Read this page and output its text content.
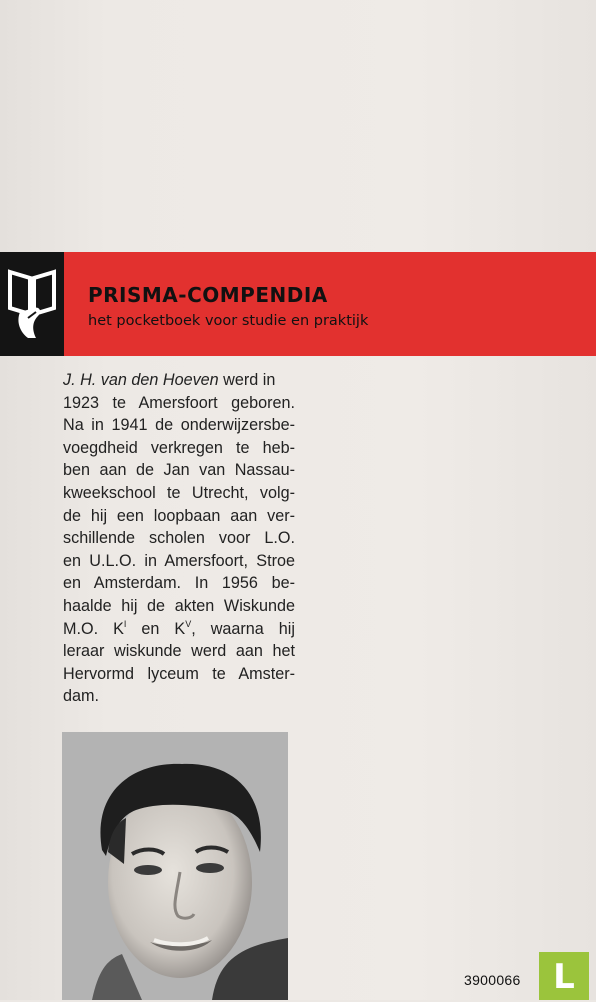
PRISMA-COMPENDIA
het pocketboek voor studie en praktijk
J. H. van den Hoeven werd in
1923 te Amersfoort geboren.
Na in 1941 de onderwijzersbe-
voegdheid verkregen te heb-
ben aan de Jan van Nassau-
kweekschool te Utrecht, volg-
de hij een loopbaan aan ver-
schillende scholen voor L.O.
en U.L.O. in Amersfoort, Stroe
en Amsterdam. In 1956 be-
haalde hij de akten Wiskunde
M.O. $K^I$ en $K^V$, waarna hij
leraar wiskunde werd aan het
Hervormd lyceum te Amster-
dam.
3900066 L
